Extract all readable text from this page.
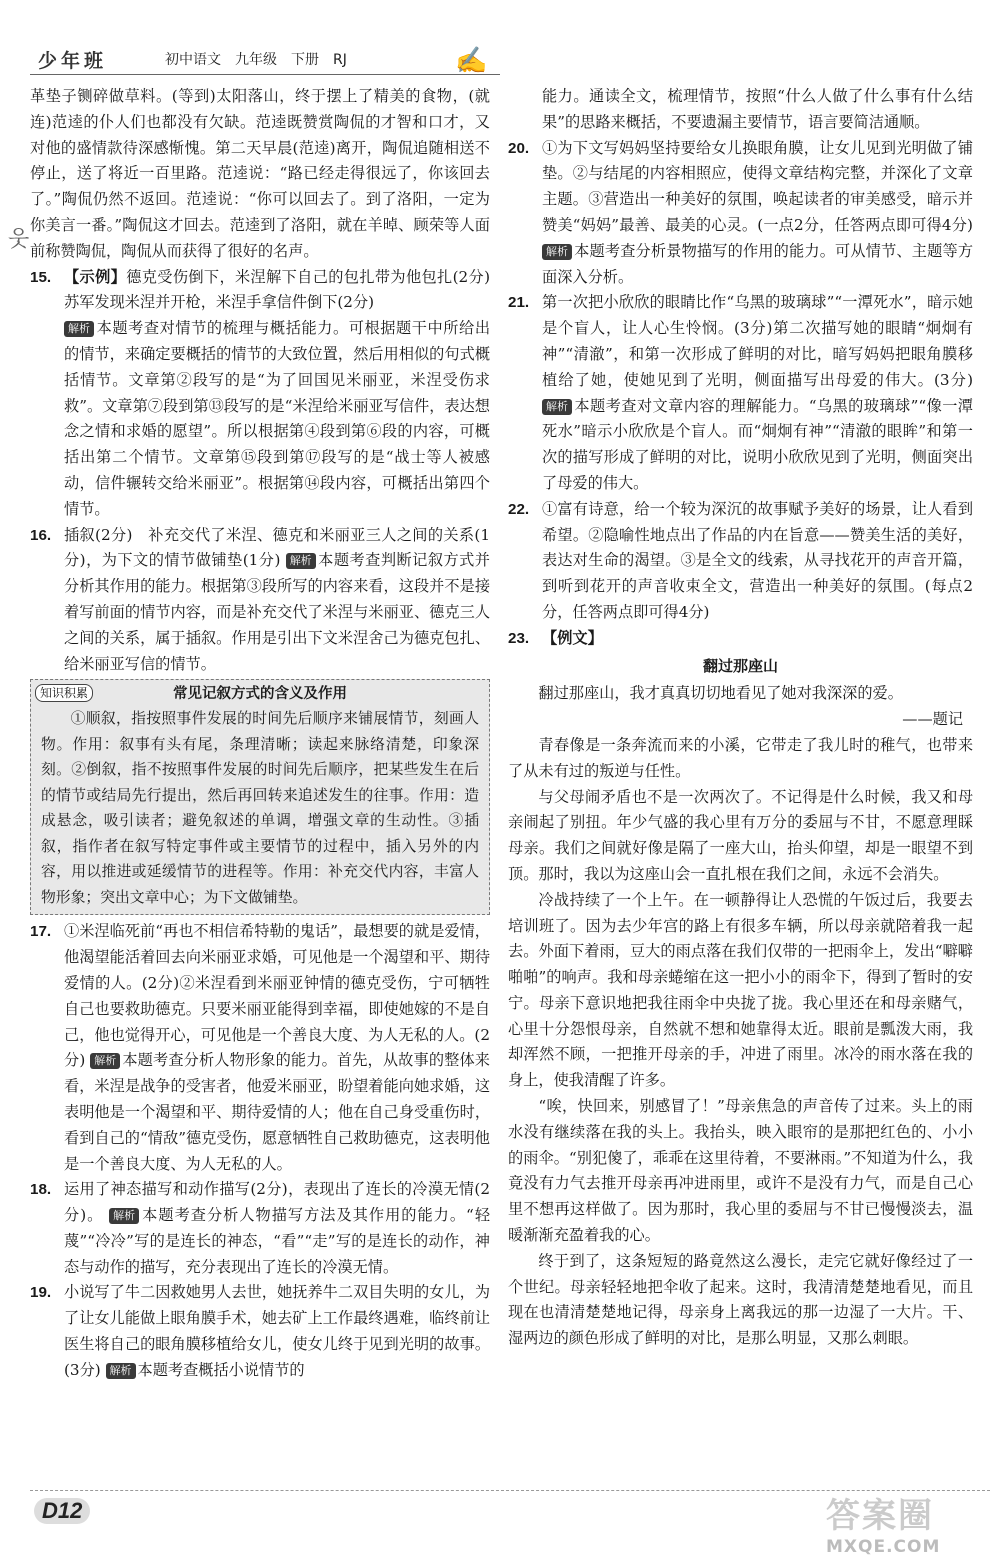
少年班	初中语文　九年级　下册　RJ	✍
웃
革垫子铡碎做草料。(等到)太阳落山，终于摆上了精美的食物，(就连)范逵的仆人们也都没有欠缺。范逵既赞赏陶侃的才智和口才，又对他的盛情款待深感惭愧。第二天早晨(范逵)离开，陶侃追随相送不停止，送了将近一百里路。范逵说：“路已经走得很远了，你该回去了。”陶侃仍然不返回。范逵说：“你可以回去了。到了洛阳，一定为你美言一番。”陶侃这才回去。范逵到了洛阳，就在羊晫、顾荣等人面前称赞陶侃，陶侃从而获得了很好的名声。
15. 【示例】德克受伤倒下，米涅解下自己的包扎带为他包扎(2分)　苏军发现米涅并开枪，米涅手拿信件倒下(2分)
解析 本题考查对情节的梳理与概括能力。可根据题干中所给出的情节，来确定要概括的情节的大致位置，然后用相似的句式概括情节。文章第②段写的是“为了回国见米丽亚，米涅受伤求救”。文章第⑦段到第⑬段写的是“米涅给米丽亚写信件，表达想念之情和求婚的愿望”。所以根据第④段到第⑥段的内容，可概括出第二个情节。文章第⑮段到第⑰段写的是“战士等人被感动，信件辗转交给米丽亚”。根据第⑭段内容，可概括出第四个情节。
16. 插叙(2分)　补充交代了米涅、德克和米丽亚三人之间的关系(1分)，为下文的情节做铺垫(1分) 解析 本题考查判断记叙方式并分析其作用的能力。根据第③段所写的内容来看，这段并不是接着写前面的情节内容，而是补充交代了米涅与米丽亚、德克三人之间的关系，属于插叙。作用是引出下文米涅舍己为德克包扎、给米丽亚写信的情节。
知识积累	常见记叙方式的含义及作用
①顺叙，指按照事件发展的时间先后顺序来铺展情节，刻画人物。作用：叙事有头有尾，条理清晰；读起来脉络清楚，印象深刻。②倒叙，指不按照事件发展的时间先后顺序，把某些发生在后的情节或结局先行提出，然后再回转来追述发生的往事。作用：造成悬念，吸引读者；避免叙述的单调，增强文章的生动性。③插叙，指作者在叙写特定事件或主要情节的过程中，插入另外的内容，用以推进或延缓情节的进程等。作用：补充交代内容，丰富人物形象；突出文章中心；为下文做铺垫。
17. ①米涅临死前“再也不相信希特勒的鬼话”，最想要的就是爱情，他渴望能活着回去向米丽亚求婚，可见他是一个渴望和平、期待爱情的人。(2分)②米涅看到米丽亚钟情的德克受伤，宁可牺牲自己也要救助德克。只要米丽亚能得到幸福，即使她嫁的不是自己，他也觉得开心，可见他是一个善良大度、为人无私的人。(2分) 解析 本题考查分析人物形象的能力。首先，从故事的整体来看，米涅是战争的受害者，他爱米丽亚，盼望着能向她求婚，这表明他是一个渴望和平、期待爱情的人；他在自己身受重伤时，看到自己的“情敌”德克受伤，愿意牺牲自己救助德克，这表明他是一个善良大度、为人无私的人。
18. 运用了神态描写和动作描写(2分)，表现出了连长的冷漠无情(2分)。 解析 本题考查分析人物描写方法及其作用的能力。“轻蔑”“冷冷”写的是连长的神态，“看”“走”写的是连长的动作，神态与动作的描写，充分表现出了连长的冷漠无情。
19. 小说写了牛二因救她男人去世，她抚养牛二双目失明的女儿，为了让女儿能做上眼角膜手术，她去矿上工作最终遇难，临终前让医生将自己的眼角膜移植给女儿，使女儿终于见到光明的故事。(3分) 解析 本题考查概括小说情节的
能力。通读全文，梳理情节，按照“什么人做了什么事有什么结果”的思路来概括，不要遗漏主要情节，语言要简洁通顺。
20. ①为下文写妈妈坚持要给女儿换眼角膜，让女儿见到光明做了铺垫。②与结尾的内容相照应，使得文章结构完整，并深化了文章主题。③营造出一种美好的氛围，唤起读者的审美感受，暗示并赞美“妈妈”最善、最美的心灵。(一点2分，任答两点即可得4分) 解析 本题考查分析景物描写的作用的能力。可从情节、主题等方面深入分析。
21. 第一次把小欣欣的眼睛比作“乌黑的玻璃球”“一潭死水”，暗示她是个盲人，让人心生怜悯。(3分)第二次描写她的眼睛“炯炯有神”“清澈”，和第一次形成了鲜明的对比，暗写妈妈把眼角膜移植给了她，使她见到了光明，侧面描写出母爱的伟大。(3分) 解析 本题考查对文章内容的理解能力。“乌黑的玻璃球”“像一潭死水”暗示小欣欣是个盲人。而“炯炯有神”“清澈的眼眸”和第一次的描写形成了鲜明的对比，说明小欣欣见到了光明，侧面突出了母爱的伟大。
22. ①富有诗意，给一个较为深沉的故事赋予美好的场景，让人看到希望。②隐喻性地点出了作品的内在旨意——赞美生活的美好，表达对生命的渴望。③是全文的线索，从寻找花开的声音开篇，到听到花开的声音收束全文，营造出一种美好的氛围。(每点2分，任答两点即可得4分)
23. 【例文】
翻过那座山
翻过那座山，我才真真切切地看见了她对我深深的爱。
——题记

青春像是一条奔流而来的小溪，它带走了我儿时的稚气，也带来了从未有过的叛逆与任性。

与父母闹矛盾也不是一次两次了。不记得是什么时候，我又和母亲闹起了别扭。年少气盛的我心里有万分的委屈与不甘，不愿意理睬母亲。我们之间就好像是隔了一座大山，抬头仰望，却是一眼望不到顶。那时，我以为这座山会一直扎根在我们之间，永远不会消失。

冷战持续了一个上午。在一顿静得让人恐慌的午饭过后，我要去培训班了。因为去少年宫的路上有很多车辆，所以母亲就陪着我一起去。外面下着雨，豆大的雨点落在我们仅带的一把雨伞上，发出“噼噼啪啪”的响声。我和母亲蜷缩在这一把小小的雨伞下，得到了暂时的安宁。母亲下意识地把我往雨伞中央拢了拢。我心里还在和母亲赌气，心里十分怨恨母亲，自然就不想和她靠得太近。眼前是瓢泼大雨，我却浑然不顾，一把推开母亲的手，冲进了雨里。冰冷的雨水落在我的身上，使我清醒了许多。

“唉，快回来，别感冒了！”母亲焦急的声音传了过来。头上的雨水没有继续落在我的头上。我抬头，映入眼帘的是那把红色的、小小的雨伞。“别犯傻了，乖乖在这里待着，不要淋雨。”不知道为什么，我竟没有力气去推开母亲再冲进雨里，或许不是没有力气，而是自己心里不想再这样做了。因为那时，我心里的委屈与不甘已慢慢淡去，温暖渐渐充盈着我的心。

终于到了，这条短短的路竟然这么漫长，走完它就好像经过了一个世纪。母亲轻轻地把伞收了起来。这时，我清清楚楚地看见，而且现在也清清楚楚地记得，母亲身上离我远的那一边湿了一大片。干、湿两边的颜色形成了鲜明的对比，是那么明显，又那么刺眼。

D12	答案圈
MXQE.COM
